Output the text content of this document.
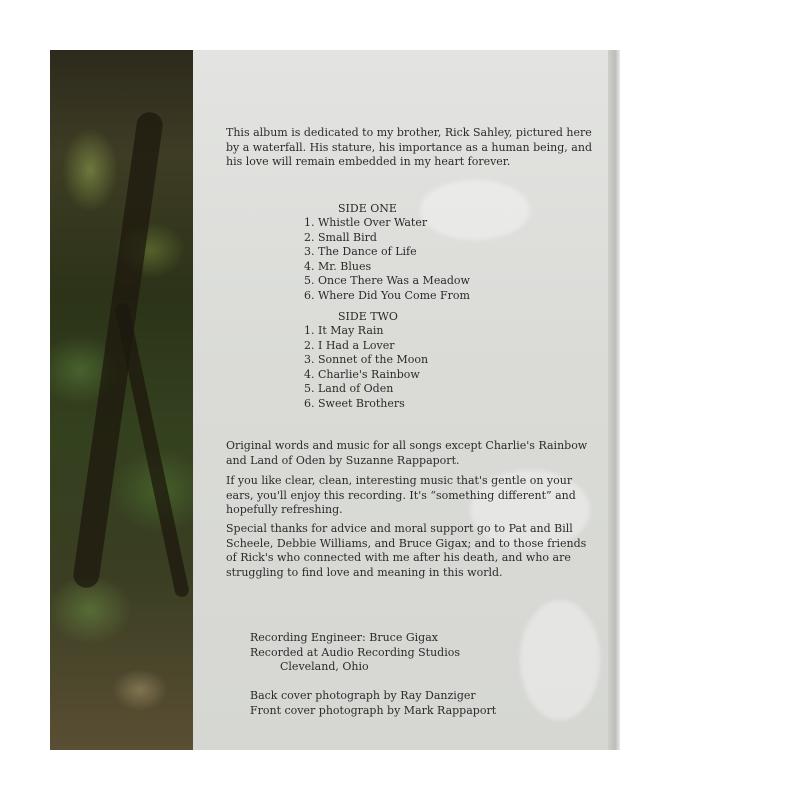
This album is dedicated to my brother, Rick Sahley, pictured here by a waterfall. His stature, his importance as a human being, and his love will remain embedded in my heart forever.

SIDE ONE

1. Whistle Over Water

2. Small Bird

3. The Dance of Life

4. Mr. Blues

5. Once There Was a Meadow

6. Where Did You Come From

SIDE TWO

1. It May Rain

2. I Had a Lover

3. Sonnet of the Moon

4. Charlie's Rainbow

5. Land of Oden

6. Sweet Brothers

Original words and music for all songs except Charlie's Rainbow and Land of Oden by Suzanne Rappaport.

If you like clear, clean, interesting music that's gentle on your ears, you'll enjoy this recording. It's “something different” and hopefully refreshing.

Special thanks for advice and moral support go to Pat and Bill Scheele, Debbie Williams, and Bruce Gigax; and to those friends of Rick's who connected with me after his death, and who are struggling to find love and meaning in this world.

Recording Engineer: Bruce Gigax

Recorded at Audio Recording Studios

Cleveland, Ohio

Back cover photograph by Ray Danziger

Front cover photograph by Mark Rappaport
